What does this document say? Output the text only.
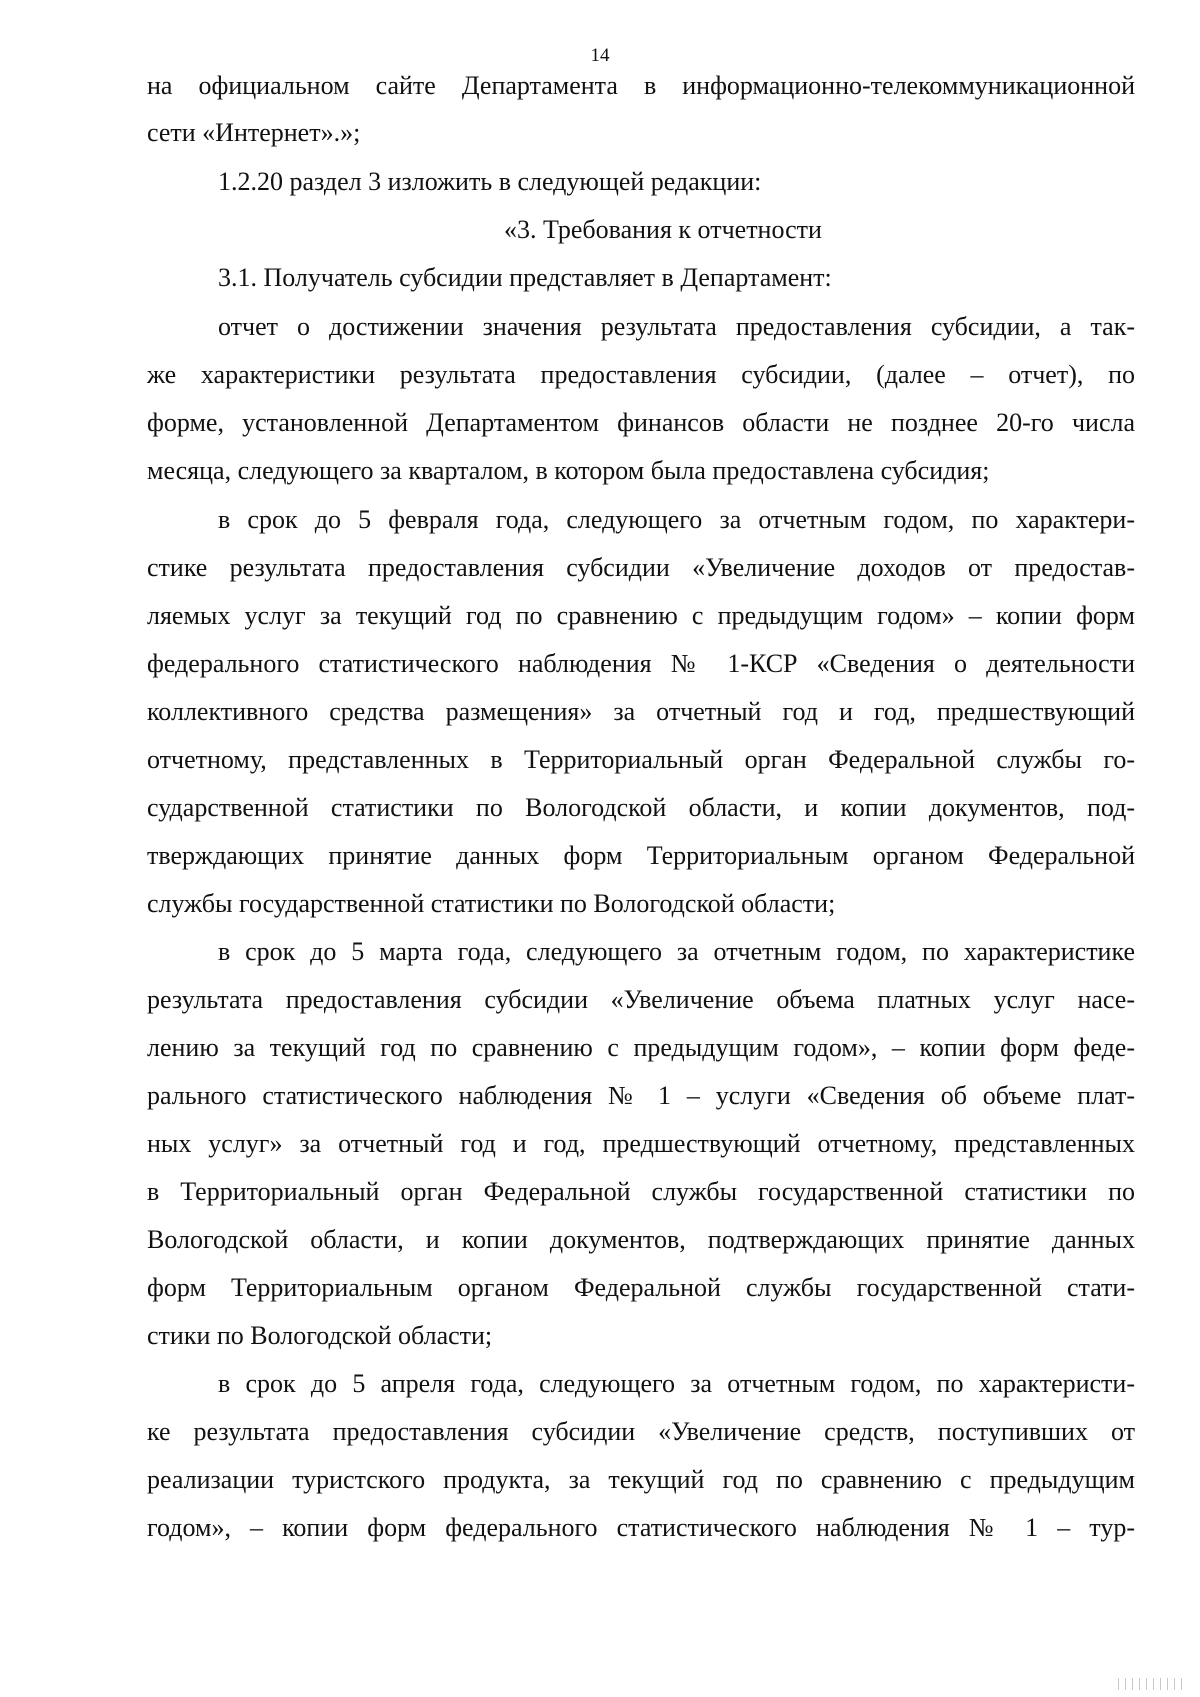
14
на официальном сайте Департамента в информационно-телекоммуникационной
сети «Интернет».»;
1.2.20 раздел 3 изложить в следующей редакции:
«3. Требования к отчетности
3.1. Получатель субсидии представляет в Департамент:
отчет о достижении значения результата предоставления субсидии, а так-
же характеристики результата предоставления субсидии, (далее – отчет), по
форме, установленной Департаментом финансов области не позднее 20-го числа
месяца, следующего за кварталом, в котором была предоставлена субсидия;
в срок до 5 февраля года, следующего за отчетным годом, по характери-
стике результата предоставления субсидии «Увеличение доходов от предостав-
ляемых услуг за текущий год по сравнению с предыдущим годом» – копии форм
федерального статистического наблюдения № 1-КСР «Сведения о деятельности
коллективного средства размещения» за отчетный год и год, предшествующий
отчетному, представленных в Территориальный орган Федеральной службы го-
сударственной статистики по Вологодской области, и копии документов, под-
тверждающих принятие данных форм Территориальным органом Федеральной
службы государственной статистики по Вологодской области;
в срок до 5 марта года, следующего за отчетным годом, по характеристике
результата предоставления субсидии «Увеличение объема платных услуг насе-
лению за текущий год по сравнению с предыдущим годом», – копии форм феде-
рального статистического наблюдения № 1 – услуги «Сведения об объеме плат-
ных услуг» за отчетный год и год, предшествующий отчетному, представленных
в Территориальный орган Федеральной службы государственной статистики по
Вологодской области, и копии документов, подтверждающих принятие данных
форм Территориальным органом Федеральной службы государственной стати-
стики по Вологодской области;
в срок до 5 апреля года, следующего за отчетным годом, по характеристи-
ке результата предоставления субсидии «Увеличение средств, поступивших от
реализации туристского продукта, за текущий год по сравнению с предыдущим
годом», – копии форм федерального статистического наблюдения № 1 – тур-
